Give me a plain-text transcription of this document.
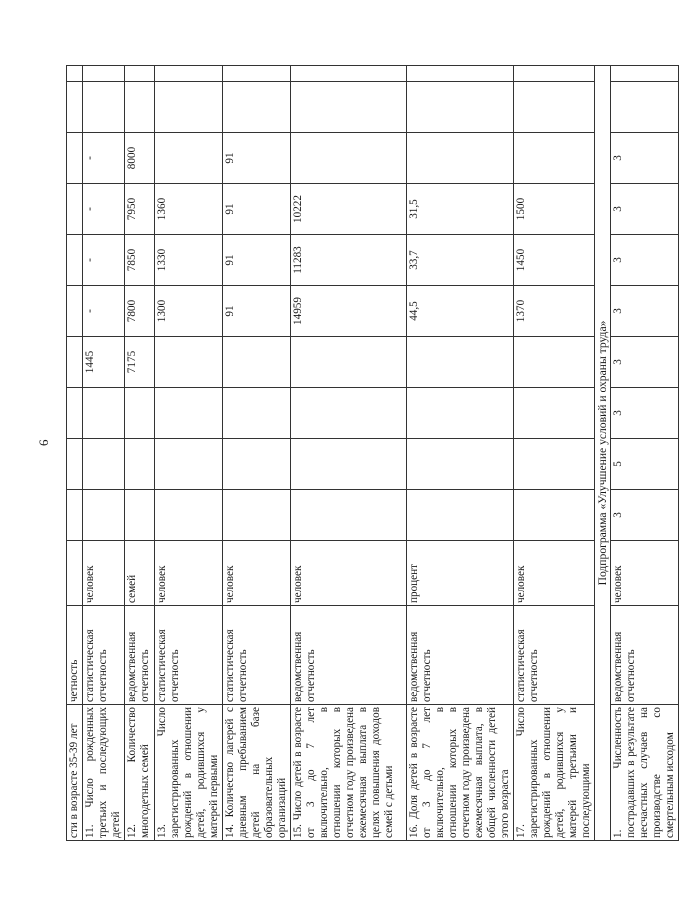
6
сти в возрасте 35-39 лет	четность											
11. Число рожденных третьих и последующих детей	статистическая отчетность	человек				1445	-	-	-	-		
12. Количество многодетных семей	ведомственная отчетность	семей				7175	7800	7850	7950	8000		
13. Число зарегистрированных рождений в отношении детей, родившихся у матерей первыми	статистическая отчетность	человек					1300	1330	1360			
14. Количество лагерей с дневным пребыванием детей на базе образовательных организаций	статистическая отчетность	человек					91	91	91	91		
15. Число детей в возрасте от 3 до 7 лет включительно, в отношении которых в отчетном году произведена ежемесячная выплата в целях повышения доходов семей с детьми	ведомственная отчетность	человек					14959	11283	10222			
16. Доля детей в возрасте от 3 до 7 лет включительно, в отношении которых в отчетном году произведена ежемесячная выплата, в общей численности детей этого возраста	ведомственная отчетность	процент					44,5	33,7	31,5			
17. Число зарегистрированных рождений в отношении детей, родившихся у матерей третьими и последующими	статистическая отчетность	человек					1370	1450	1500			
Подпрограмма «Улучшение условий и охраны труда»												
1. Численность пострадавших в результате несчастных случаев на производстве со смертельным исходом	ведомственная отчетность	человек	3	5	3	3	3	3	3	3		
